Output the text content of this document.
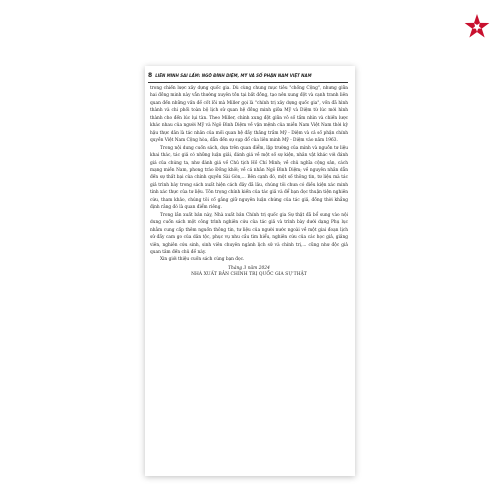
8 LIÊN MINH SAI LẦM: NGÔ ĐÌNH DIỆM, MỸ VÀ SỐ PHẬN NAM VIỆT NAM

trong chiến lược xây dựng quốc gia. Dù cùng chung mục tiêu "chống Cộng", nhưng giữa hai đồng minh này vẫn thường xuyên tồn tại bất đồng, tạo nên xung đột và cạnh tranh liên quan đến những vấn đề cốt lõi mà Miller gọi là "chính trị xây dựng quốc gia", vốn đã hình thành và chi phối toàn bộ lịch sử quan hệ đồng minh giữa Mỹ và Diệm từ lúc mới hình thành cho đến lúc lụi tàn. Theo Miller, chính xung đột giữa vô số tầm nhìn và chiến lược khác nhau của người Mỹ và Ngô Đình Diệm về vận mệnh của miền Nam Việt Nam thời kỳ hậu thực dân là tác nhân của mối quan hệ đầy thăng trầm Mỹ - Diệm và cả số phận chính quyền Việt Nam Cộng hòa, dẫn đến sự sụp đổ của liên minh Mỹ - Diệm vào năm 1963.

Trong nội dung cuốn sách, dựa trên quan điểm, lập trường của mình và nguồn tư liệu khai thác, tác giả có những luận giải, đánh giá về một số sự kiện, nhân vật khác với đánh giá của chúng ta, như đánh giá về Chủ tịch Hồ Chí Minh; về chủ nghĩa cộng sản, cách mạng miền Nam, phong trào Đồng khởi; về cá nhân Ngô Đình Diệm; về nguyên nhân dẫn đến sự thất bại của chính quyền Sài Gòn,... Bên cạnh đó, một số thông tin, tư liệu mà tác giả trình bày trong sách xuất hiện cách đây đã lâu, chúng tôi chưa có điều kiện xác minh tính xác thực của tư liệu. Tôn trọng chính kiến của tác giả và để bạn đọc thuận tiện nghiên cứu, tham khảo, chúng tôi cố gắng giữ nguyên luận chứng của tác giả, đồng thời khẳng định rằng đó là quan điểm riêng.

Trong lần xuất bản này, Nhà xuất bản Chính trị quốc gia Sự thật đã bổ sung vào nội dung cuốn sách một công trình nghiên cứu của tác giả và trình bày dưới dạng Phụ lục nhằm cung cấp thêm nguồn thông tin, tư liệu của người nước ngoài về một giai đoạn lịch sử đầy cam go của dân tộc, phục vụ nhu cầu tìm hiểu, nghiên cứu của các học giả, giảng viên, nghiên cứu sinh, sinh viên chuyên ngành lịch sử và chính trị,... cũng như độc giả quan tâm đến chủ đề này.

Xin giới thiệu cuốn sách cùng bạn đọc.

Tháng 3 năm 2024
NHÀ XUẤT BẢN CHÍNH TRỊ QUỐC GIA SỰ THẬT
